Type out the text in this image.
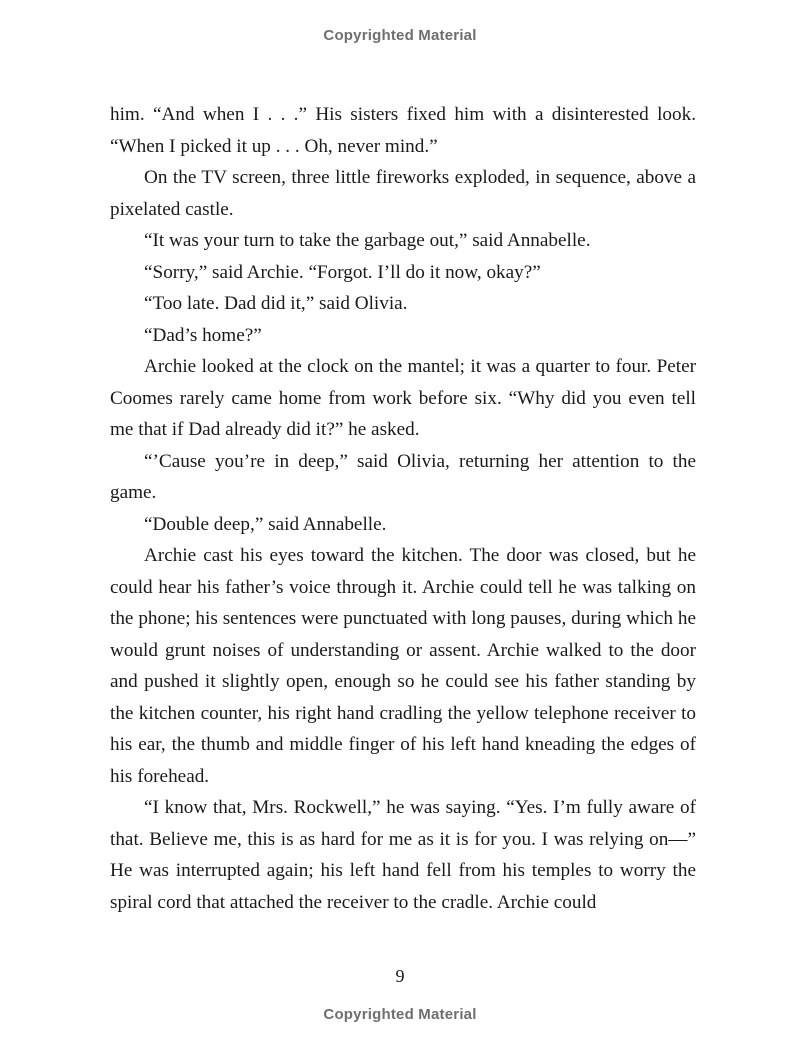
Copyrighted Material

him. “And when I . . .” His sisters fixed him with a disinterested look. “When I picked it up . . . Oh, never mind.”

On the TV screen, three little fireworks exploded, in sequence, above a pixelated castle.

“It was your turn to take the garbage out,” said Annabelle.

“Sorry,” said Archie. “Forgot. I’ll do it now, okay?”

“Too late. Dad did it,” said Olivia.

“Dad’s home?”

Archie looked at the clock on the mantel; it was a quarter to four. Peter Coomes rarely came home from work before six. “Why did you even tell me that if Dad already did it?” he asked.

“’Cause you’re in deep,” said Olivia, returning her attention to the game.

“Double deep,” said Annabelle.

Archie cast his eyes toward the kitchen. The door was closed, but he could hear his father’s voice through it. Archie could tell he was talking on the phone; his sentences were punctuated with long pauses, during which he would grunt noises of understanding or assent. Archie walked to the door and pushed it slightly open, enough so he could see his father standing by the kitchen counter, his right hand cradling the yellow telephone receiver to his ear, the thumb and middle finger of his left hand kneading the edges of his forehead.

“I know that, Mrs. Rockwell,” he was saying. “Yes. I’m fully aware of that. Believe me, this is as hard for me as it is for you. I was relying on—” He was interrupted again; his left hand fell from his temples to worry the spiral cord that attached the receiver to the cradle. Archie could

9
Copyrighted Material
